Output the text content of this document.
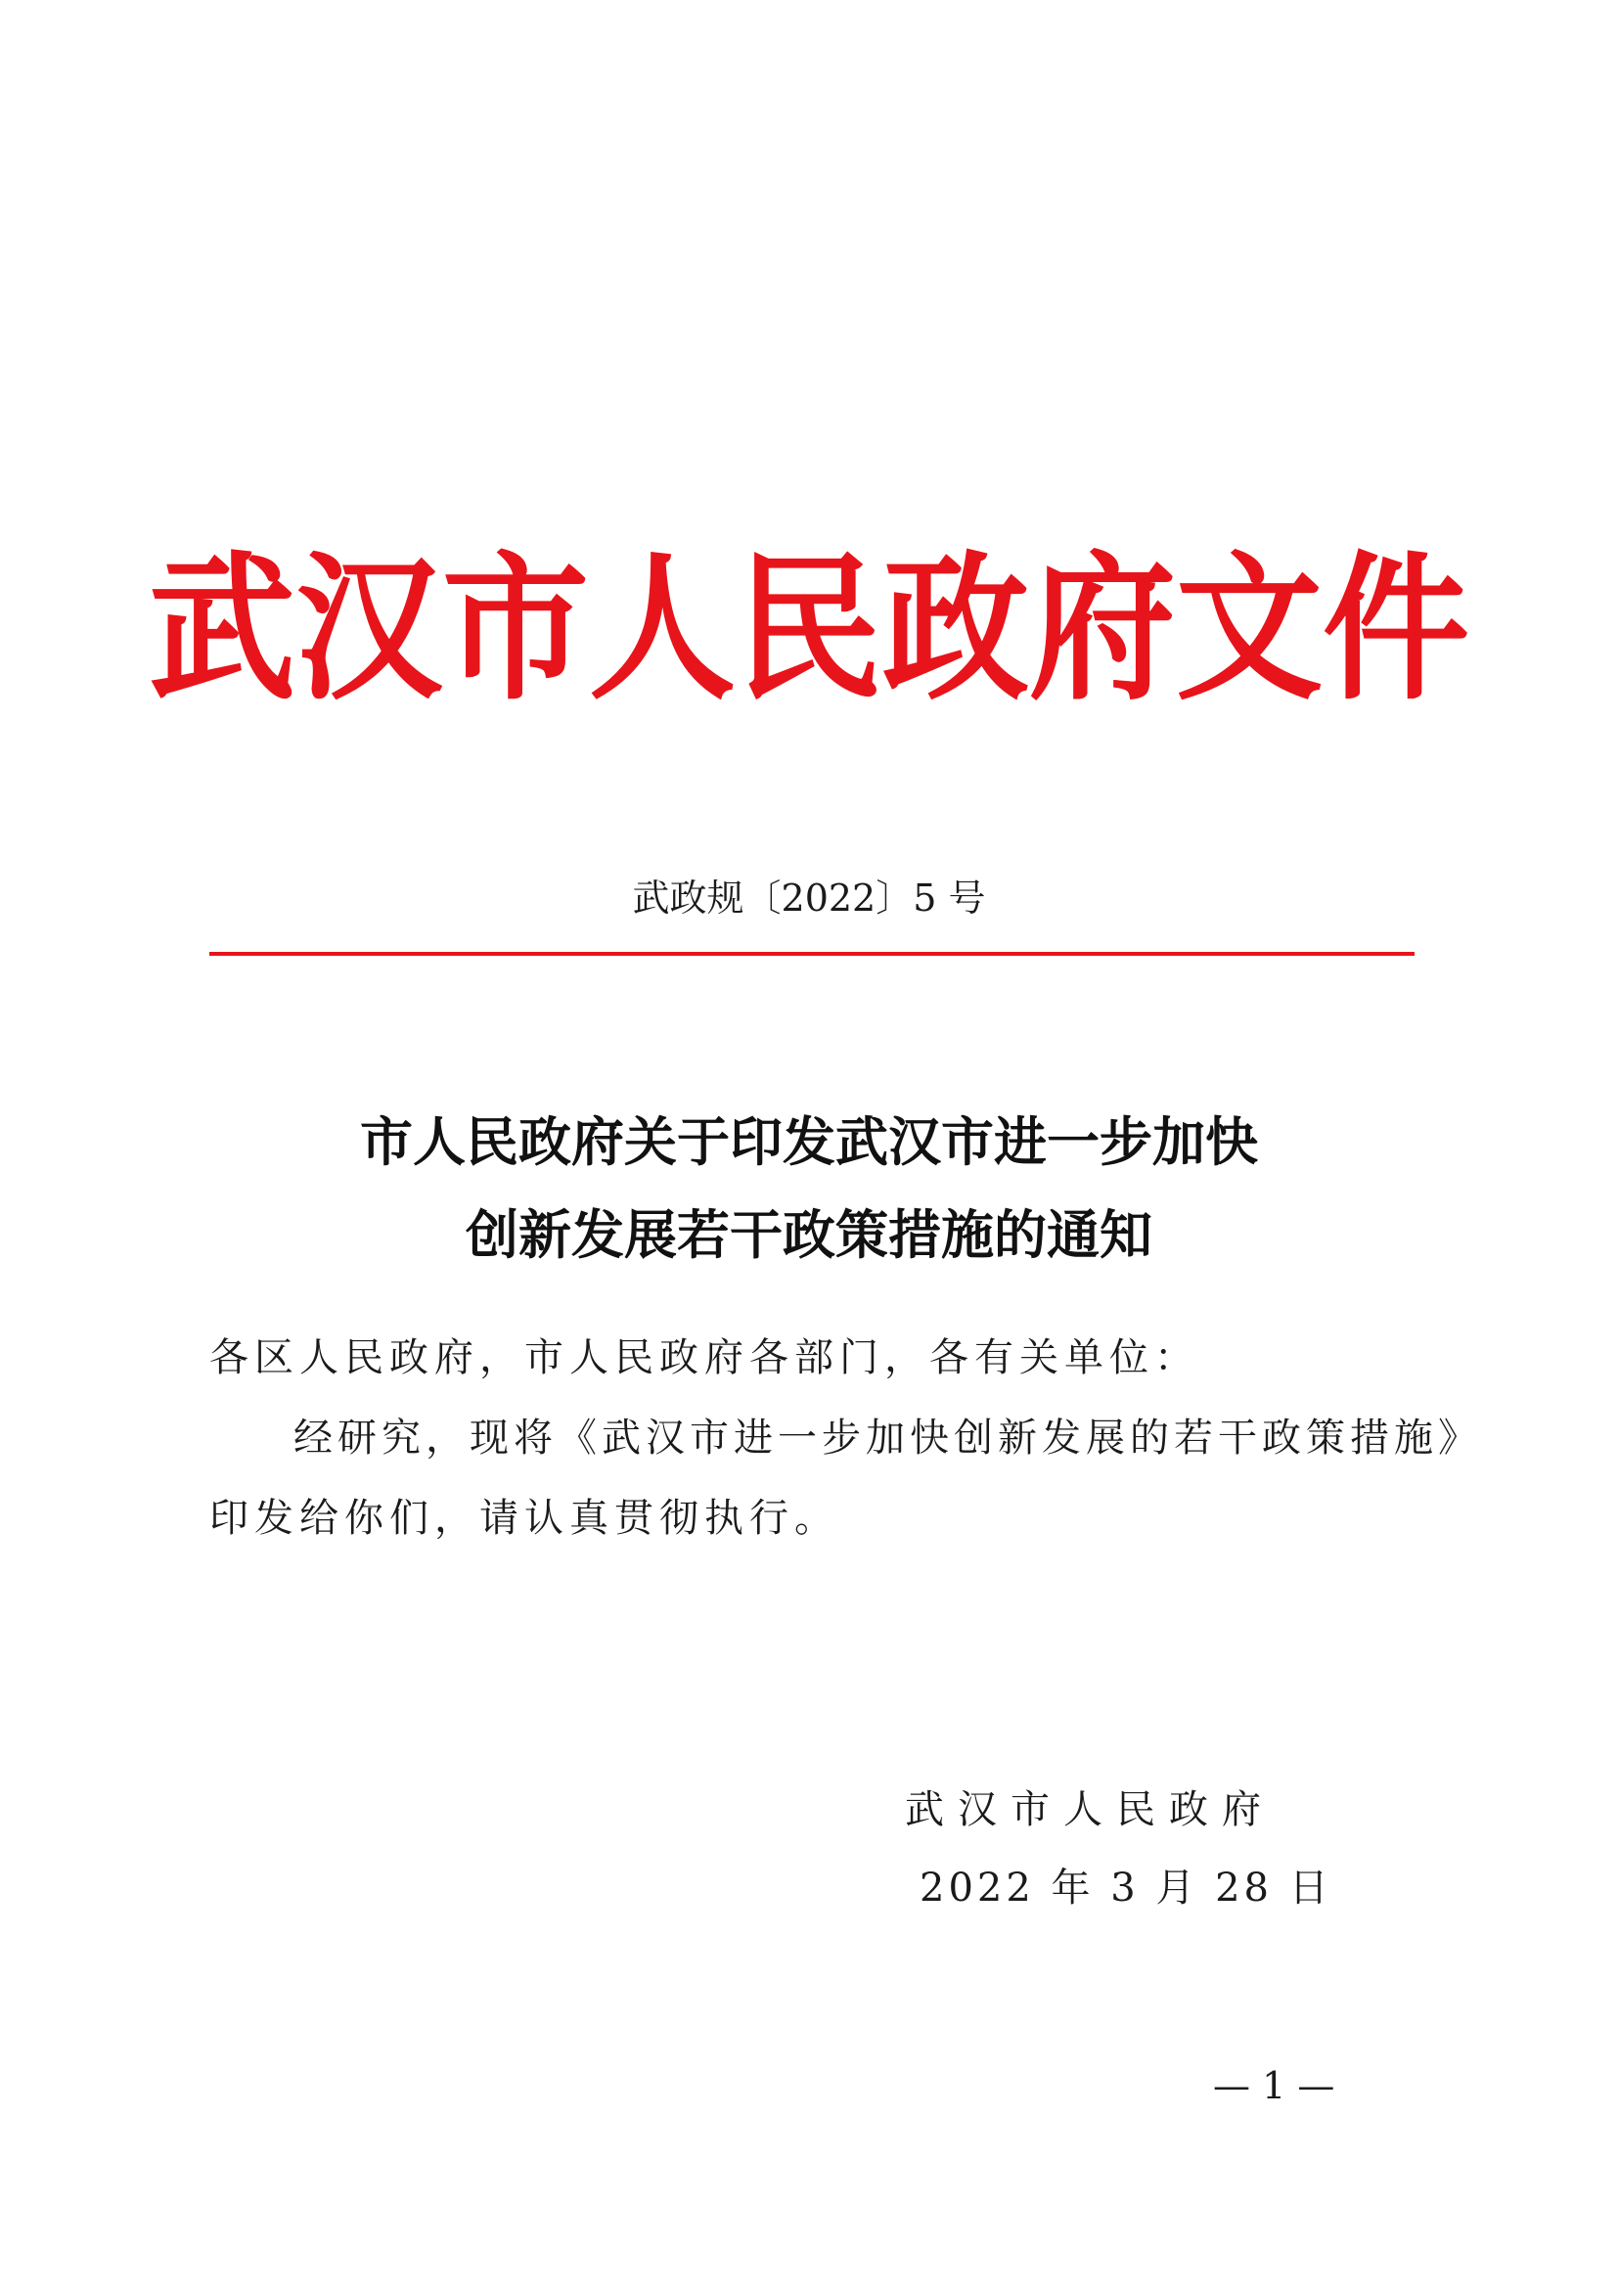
武汉市人民政府文件
武政规〔2022〕5 号
市人民政府关于印发武汉市进一步加快
创新发展若干政策措施的通知
各区人民政府，市人民政府各部门，各有关单位：
经研究，现将《武汉市进一步加快创新发展的若干政策措施》
印发给你们，请认真贯彻执行。
武汉市人民政府
2022 年 3 月 28 日
— 1 —
